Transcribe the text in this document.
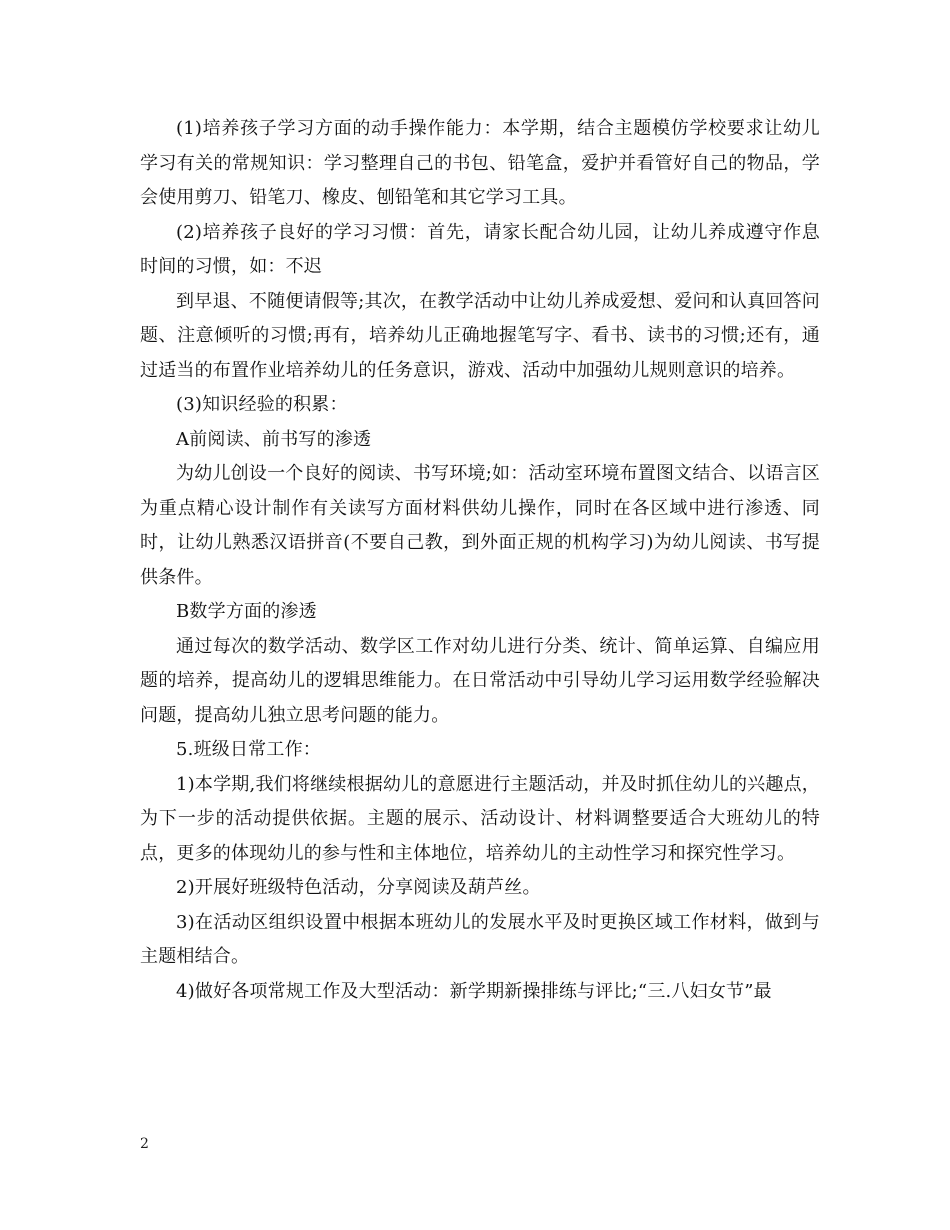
(1)培养孩子学习方面的动手操作能力：本学期，结合主题模仿学校要求让幼儿学习有关的常规知识：学习整理自己的书包、铅笔盒，爱护并看管好自己的物品，学会使用剪刀、铅笔刀、橡皮、刨铅笔和其它学习工具。

(2)培养孩子良好的学习习惯：首先，请家长配合幼儿园，让幼儿养成遵守作息时间的习惯，如：不迟

到早退、不随便请假等;其次，在教学活动中让幼儿养成爱想、爱问和认真回答问题、注意倾听的习惯;再有，培养幼儿正确地握笔写字、看书、读书的习惯;还有，通过适当的布置作业培养幼儿的任务意识，游戏、活动中加强幼儿规则意识的培养。

(3)知识经验的积累：

A前阅读、前书写的渗透

为幼儿创设一个良好的阅读、书写环境;如：活动室环境布置图文结合、以语言区为重点精心设计制作有关读写方面材料供幼儿操作，同时在各区域中进行渗透、同时，让幼儿熟悉汉语拼音(不要自己教，到外面正规的机构学习)为幼儿阅读、书写提供条件。

B数学方面的渗透

通过每次的数学活动、数学区工作对幼儿进行分类、统计、简单运算、自编应用题的培养，提高幼儿的逻辑思维能力。在日常活动中引导幼儿学习运用数学经验解决问题，提高幼儿独立思考问题的能力。

5.班级日常工作：

1)本学期,我们将继续根据幼儿的意愿进行主题活动，并及时抓住幼儿的兴趣点，为下一步的活动提供依据。主题的展示、活动设计、材料调整要适合大班幼儿的特点，更多的体现幼儿的参与性和主体地位，培养幼儿的主动性学习和探究性学习。

2)开展好班级特色活动，分享阅读及葫芦丝。

3)在活动区组织设置中根据本班幼儿的发展水平及时更换区域工作材料，做到与主题相结合。

4)做好各项常规工作及大型活动：新学期新操排练与评比;“三.八妇女节”最

2
